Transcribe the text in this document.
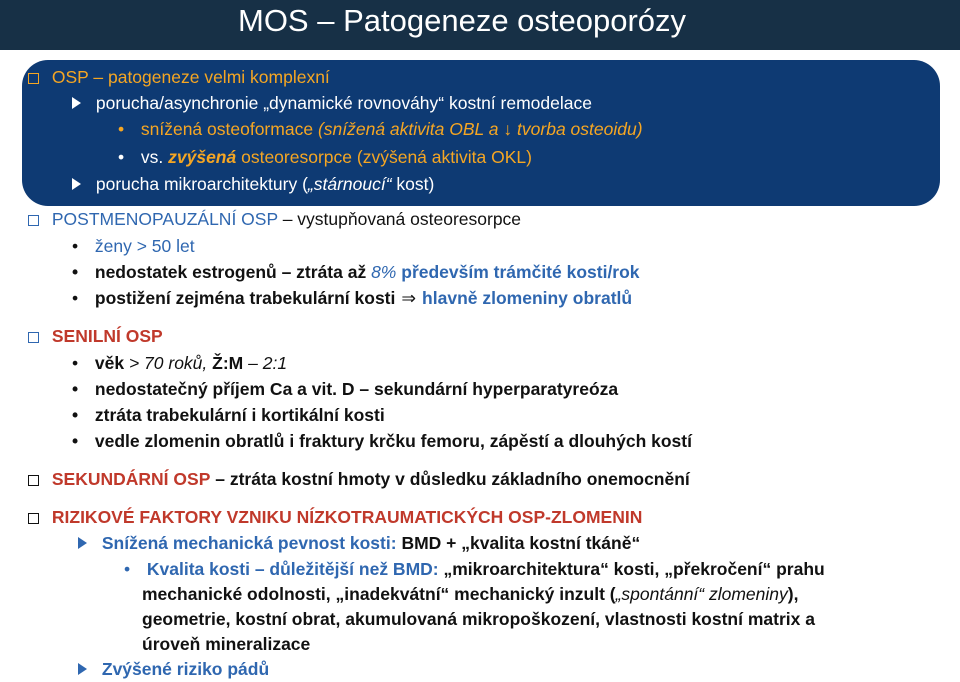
MOS – Patogeneze osteoporózy
OSP – patogeneze velmi komplexní
porucha/asynchronie „dynamické rovnováhy“ kostní remodelace
• snížená osteoformace (snížená aktivita OBL a ↓ tvorba osteoidu)
• vs. zvýšená osteoresorpce (zvýšená aktivita OKL)
porucha mikroarchitektury („stárnoucí“ kost)
POSTMENOPAUZÁLNÍ OSP – vystupňovaná osteoresorpce
• ženy > 50 let
• nedostatek estrogenů – ztráta až 8% především trámčité kosti/rok
• postižení zejména trabekulární kosti ⇒ hlavně zlomeniny obratlů
SENILNÍ OSP
• věk > 70 roků, Ž:M – 2:1
• nedostatečný příjem Ca a vit. D – sekundární hyperparatyreóza
• ztráta trabekulární i kortikální kosti
• vedle zlomenin obratlů i fraktury krčku femoru, zápěstí a dlouhých kostí
SEKUNDÁRNÍ OSP – ztráta kostní hmoty v důsledku základního onemocnění
RIZIKOVÉ FAKTORY VZNIKU NÍZKOTRAUMATICKÝCH OSP-ZLOMENIN
Snížená mechanická pevnost kosti: BMD + „kvalita kostní tkáně“
• Kvalita kosti – důležitější než BMD: „mikroarchitektura“ kosti, „překročení“ prahu
mechanické odolnosti, „inadekvátní“ mechanický inzult („spontánní“ zlomeniny),
geometrie, kostní obrat, akumulovaná mikropoškození, vlastnosti kostní matrix a
úroveň mineralizace
Zvýšené riziko pádů
